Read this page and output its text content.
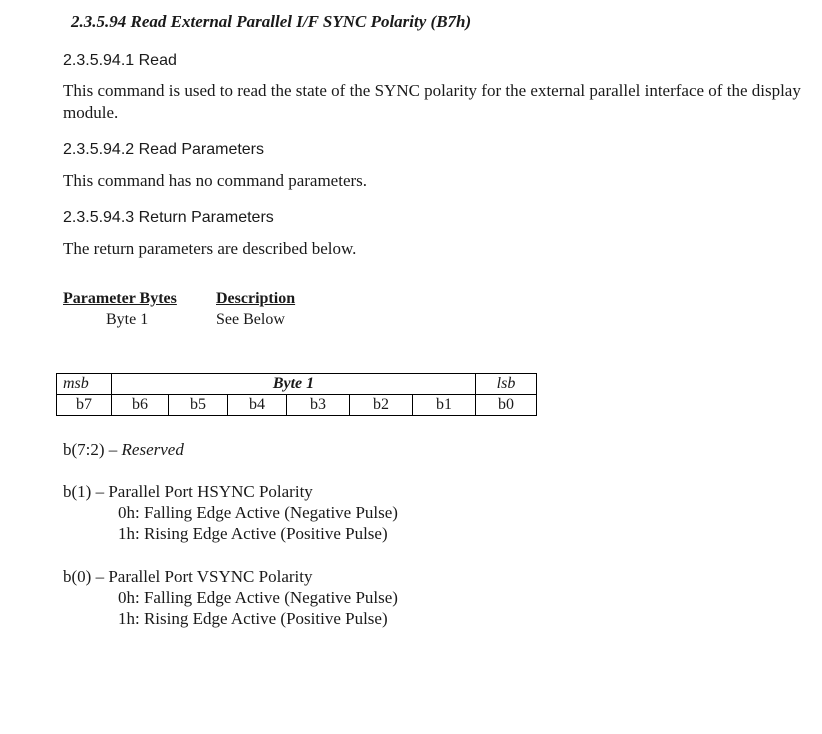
2.3.5.94 Read External Parallel I/F SYNC Polarity (B7h)
2.3.5.94.1 Read
This command is used to read the state of the SYNC polarity for the external parallel interface of the display module.
2.3.5.94.2 Read Parameters
This command has no command parameters.
2.3.5.94.3 Return Parameters
The return parameters are described below.
Parameter Bytes Description
Byte 1	See Below
msb	Byte 1						lsb
b7	b6	b5	b4	b3	b2	b1	b0
b(7:2) – Reserved
b(1) – Parallel Port HSYNC Polarity
0h: Falling Edge Active (Negative Pulse)
1h: Rising Edge Active (Positive Pulse)
b(0) – Parallel Port VSYNC Polarity
0h: Falling Edge Active (Negative Pulse)
1h: Rising Edge Active (Positive Pulse)
